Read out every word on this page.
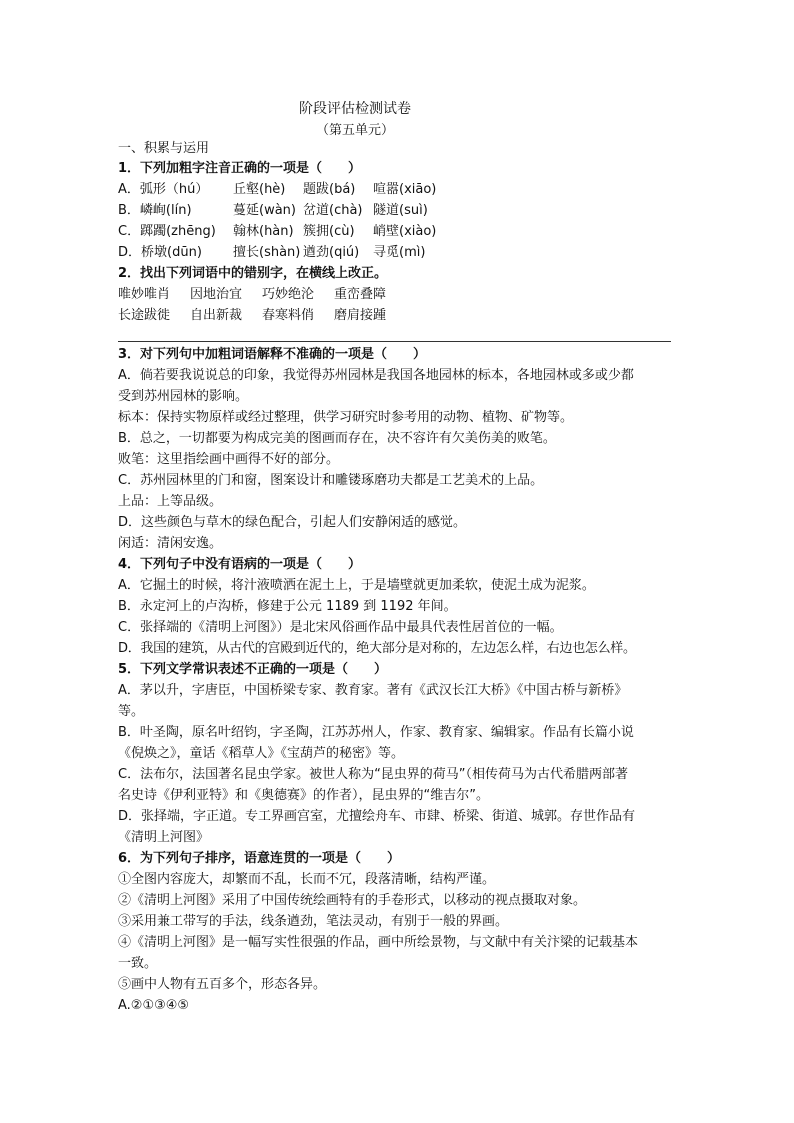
阶段评估检测试卷
（第五单元）
一、积累与运用
1．下列加粗字注音正确的一项是（　　）
A．弧形（hú） 丘壑(hè) 题跋(bá) 喧嚣(xiāo)
B．嶙峋(lín)	蔓延(wàn) 岔道(chà) 隧道(suì)
C．踯躅(zhēng) 翰林(hàn) 簇拥(cù) 峭壁(xiào)
D．桥墩(dūn) 擅长(shàn) 遒劲(qiú) 寻觅(mì)
2．找出下列词语中的错别字，在横线上改正。
唯妙唯肖 因地治宜 巧妙绝沦 重峦叠障
长途跋徙 自出新裁 春寒料俏 磨肩接踵
3．对下列句中加粗词语解释不准确的一项是（　　）
A．倘若要我说说总的印象，我觉得苏州园林是我国各地园林的标本，各地园林或多或少都
受到苏州园林的影响。
标本：保持实物原样或经过整理，供学习研究时参考用的动物、植物、矿物等。
B．总之，一切都要为构成完美的图画而存在，决不容许有欠美伤美的败笔。
败笔：这里指绘画中画得不好的部分。
C．苏州园林里的门和窗，图案设计和雕镂琢磨功夫都是工艺美术的上品。
上品：上等品级。
D．这些颜色与草木的绿色配合，引起人们安静闲适的感觉。
闲适：清闲安逸。
4．下列句子中没有语病的一项是（　　）
A．它掘土的时候，将汁液喷洒在泥土上，于是墙壁就更加柔软，使泥土成为泥浆。
B．永定河上的卢沟桥，修建于公元 1189 到 1192 年间。
C．张择端的《清明上河图》）是北宋风俗画作品中最具代表性居首位的一幅。
D．我国的建筑，从古代的宫殿到近代的，绝大部分是对称的，左边怎么样，右边也怎么样。
5．下列文学常识表述不正确的一项是（　　）
A．茅以升，字唐臣，中国桥梁专家、教育家。著有《武汉长江大桥》《中国古桥与新桥》
等。
B．叶圣陶，原名叶绍钧，字圣陶，江苏苏州人，作家、教育家、编辑家。作品有长篇小说
《倪焕之》，童话《稻草人》《宝葫芦的秘密》等。
C．法布尔，法国著名昆虫学家。被世人称为“昆虫界的荷马”（相传荷马为古代希腊两部著
名史诗《伊利亚特》和《奥德赛》的作者），昆虫界的“维吉尔”。
D．张择端，字正道。专工界画宫室，尤擅绘舟车、市肆、桥梁、街道、城郭。存世作品有
《清明上河图》
6．为下列句子排序，语意连贯的一项是（　　）
①全图内容庞大，却繁而不乱，长而不冗，段落清晰，结构严谨。
②《清明上河图》采用了中国传统绘画特有的手卷形式，以移动的视点摄取对象。
③采用兼工带写的手法，线条遒劲，笔法灵动，有别于一般的界画。
④《清明上河图》是一幅写实性很强的作品，画中所绘景物，与文献中有关汴梁的记载基本
一致。
⑤画中人物有五百多个，形态各异。
A.②①③④⑤
